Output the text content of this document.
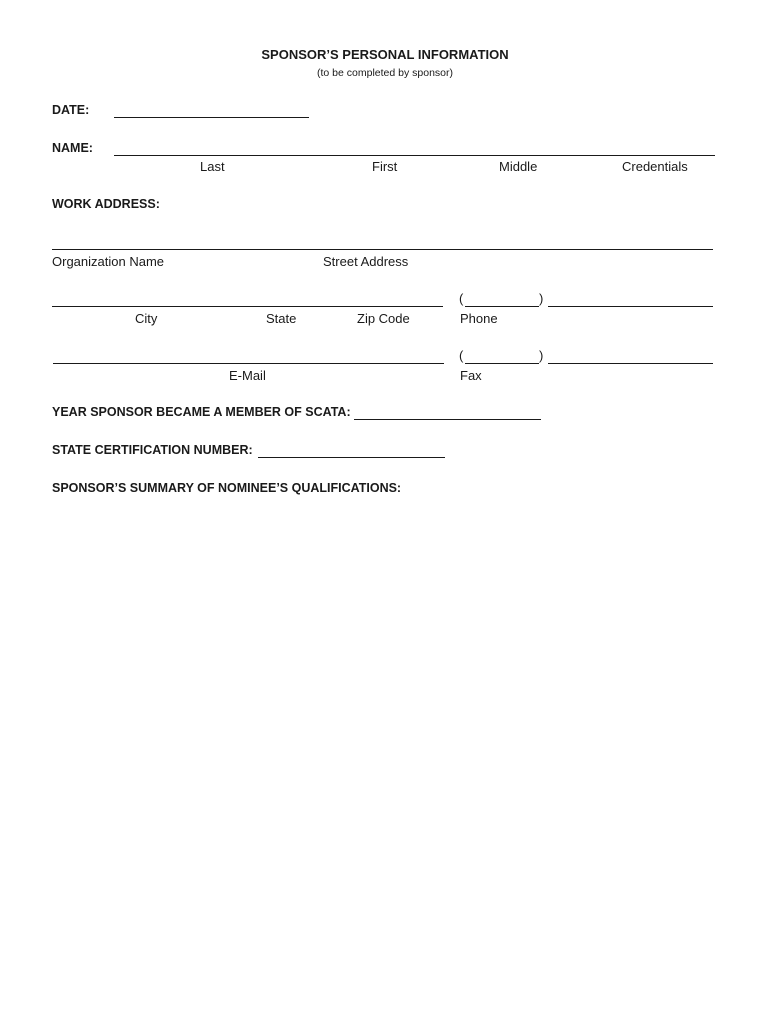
SPONSOR’S PERSONAL INFORMATION
(to be completed by sponsor)
DATE:
NAME:
Last	First	Middle	Credentials
WORK ADDRESS:
Organization Name	Street Address
City	State	Zip Code
(	)
Phone
E-Mail
(	)
Fax
YEAR SPONSOR BECAME A MEMBER OF SCATA:
STATE CERTIFICATION NUMBER:
SPONSOR’S SUMMARY OF NOMINEE’S QUALIFICATIONS:
